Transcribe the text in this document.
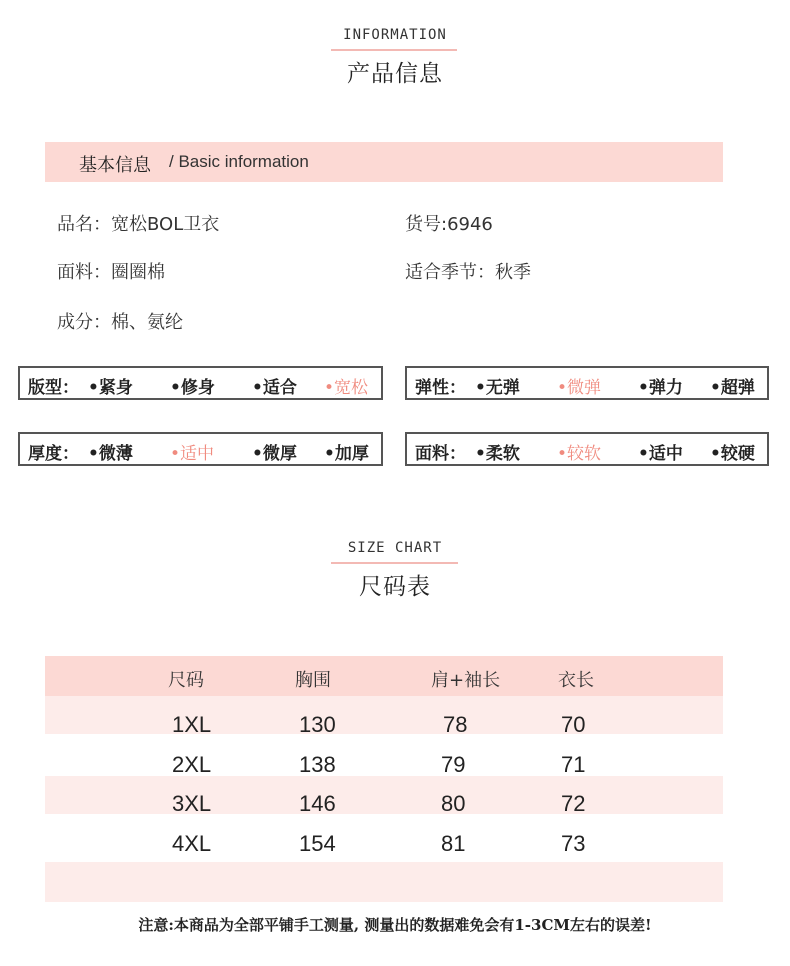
INFORMATION
产品信息
基本信息 / Basic information
品名：宽松BOL卫衣	货号:6946
面料：圈圈棉	适合季节：秋季
成分：棉、氨纶
版型： •紧身 •修身 •适合 •宽松	弹性： •无弹 •微弹 •弹力 •超弹
厚度： •微薄 •适中 •微厚 •加厚	面料： •柔软 •较软 •适中 •较硬
SIZE CHART
尺码表
尺码	胸围	肩+袖长	衣长
1XL	130	78	70
2XL	138	79	71
3XL	146	80	72
4XL	154	81	73
注意:本商品为全部平铺手工测量, 测量出的数据难免会有1-3CM左右的误差!
